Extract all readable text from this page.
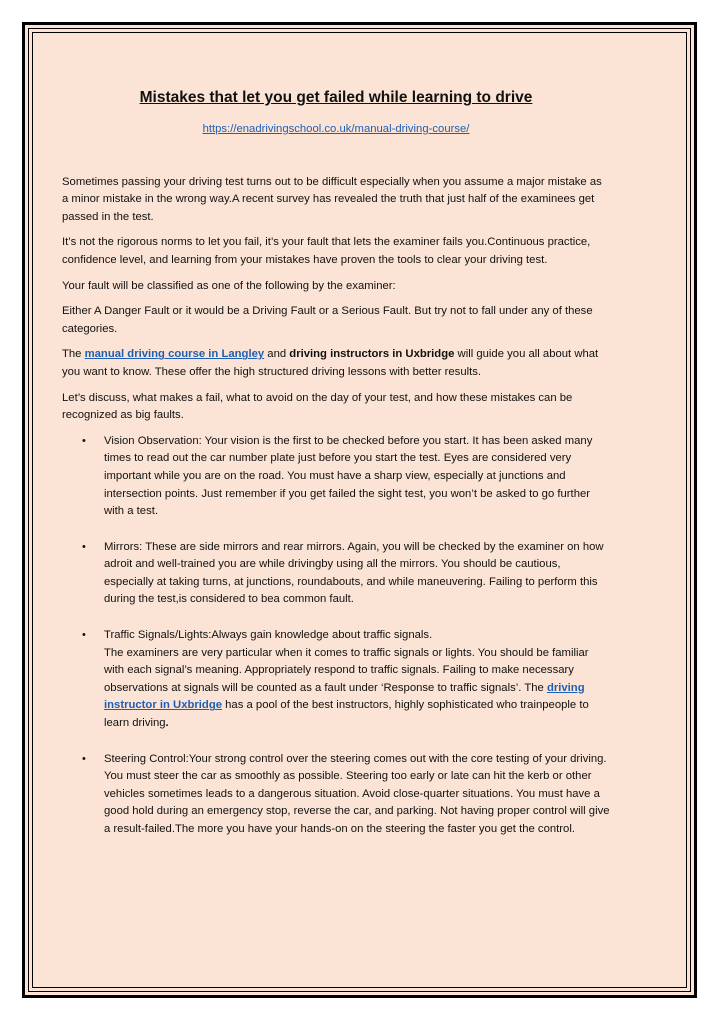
Mistakes that let you get failed while learning to drive
https://enadrivingschool.co.uk/manual-driving-course/

Sometimes passing your driving test turns out to be difficult especially when you assume a major mistake as a minor mistake in the wrong way.A recent survey has revealed the truth that just half of the examinees get passed in the test.

It’s not the rigorous norms to let you fail, it’s your fault that lets the examiner fails you.Continuous practice, confidence level, and learning from your mistakes have proven the tools to clear your driving test.

Your fault will be classified as one of the following by the examiner:

Either A Danger Fault or it would be a Driving Fault or a Serious Fault. But try not to fall under any of these categories.

The manual driving course in Langley and driving instructors in Uxbridge will guide you all about what you want to know. These offer the high structured driving lessons with better results.

Let’s discuss, what makes a fail, what to avoid on the day of your test, and how these mistakes can be recognized as big faults.

• Vision Observation: Your vision is the first to be checked before you start. It has been asked many times to read out the car number plate just before you start the test. Eyes are considered very important while you are on the road. You must have a sharp view, especially at junctions and intersection points. Just remember if you get failed the sight test, you won’t be asked to go further with a test.
• Mirrors: These are side mirrors and rear mirrors. Again, you will be checked by the examiner on how adroit and well-trained you are while drivingby using all the mirrors. You should be cautious, especially at taking turns, at junctions, roundabouts, and while maneuvering. Failing to perform this during the test,is considered to bea common fault.
• Traffic Signals/Lights:Always gain knowledge about traffic signals.
The examiners are very particular when it comes to traffic signals or lights. You should be familiar with each signal’s meaning. Appropriately respond to traffic signals. Failing to make necessary observations at signals will be counted as a fault under ‘Response to traffic signals’. The driving instructor in Uxbridge has a pool of the best instructors, highly sophisticated who trainpeople to learn driving.
• Steering Control:Your strong control over the steering comes out with the core testing of your driving. You must steer the car as smoothly as possible. Steering too early or late can hit the kerb or other vehicles sometimes leads to a dangerous situation. Avoid close-quarter situations. You must have a good hold during an emergency stop, reverse the car, and parking. Not having proper control will give a result-failed.The more you have your hands-on on the steering the faster you get the control.
